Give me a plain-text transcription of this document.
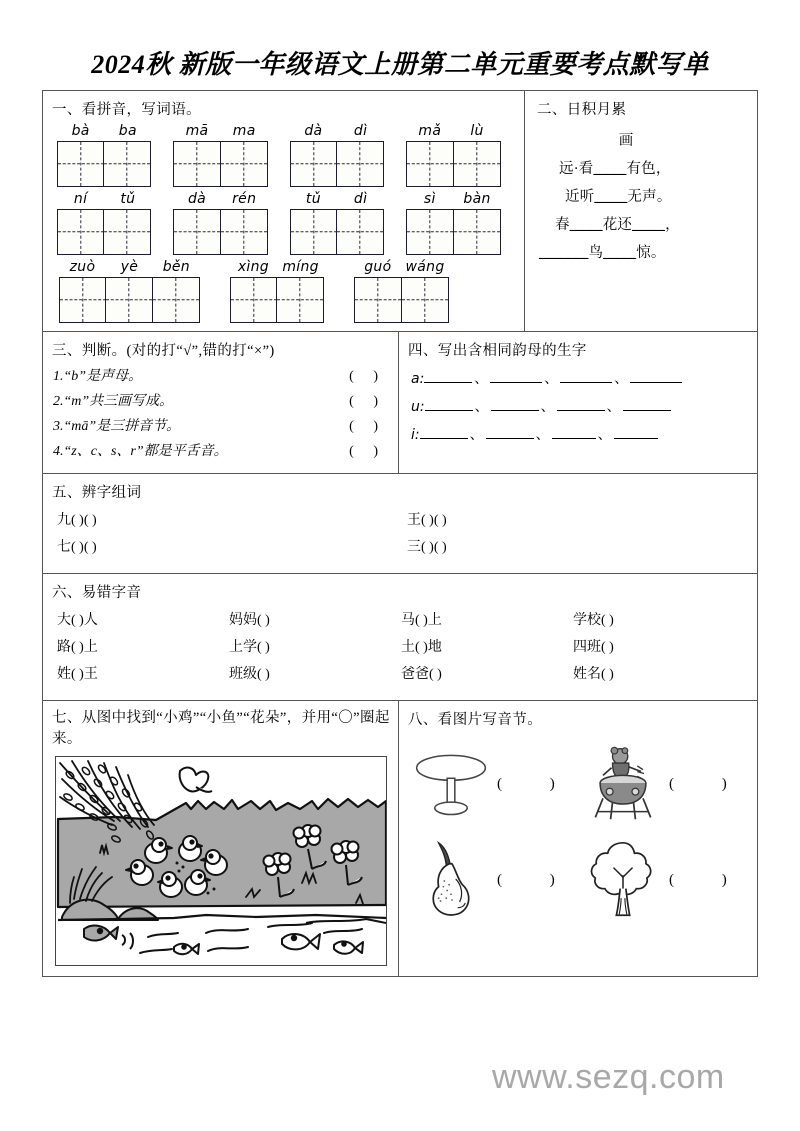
2024秋 新版一年级语文上册第二单元重要考点默写单
一、看拼音，写词语。
bà	ba	mā	ma	dà	dì	mǎ	lù
ní	tǔ	dà	rén	tǔ	dì	sì	bàn
zuò	yè	běn	xìng míng	guó	wáng
二、日积月累
画
远·看____有色，
近听____无声。
春____花还____，
______鸟____惊。
三、判断。(对的打“√”,错的打“×”)
1.“b”是声母。	( )
2.“m”共三画写成。	( )
3.“mā”是三拼音节。	( )
4.“z、c、s、r”都是平舌音。	( )
四、写出含相同韵母的生字
a:	、	、	、
u:	、	、	、
i:	、	、	、
五、辨字组词
九( )( )	王( )( )
七( )( )	三( )( )
六、易错字音
大( )人	妈妈( )	马( )上	学校( )
路( )上	上学( )	土( )地	四班( )
姓( )王	班级( )	爸爸( )	姓名( )
七、从图中找到“小鸡”“小鱼”“花朵”，并用“〇”圈起来。
八、看图片写音节。
( )	( )
( )	( )
www.sezq.com
